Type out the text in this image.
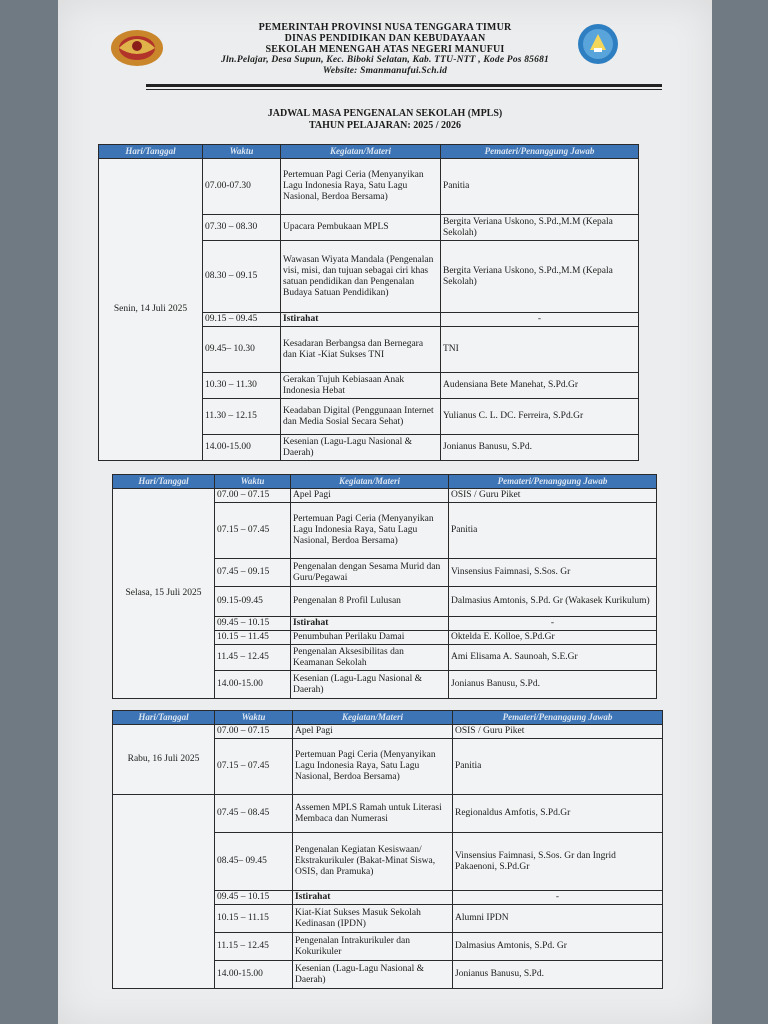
PEMERINTAH PROVINSI NUSA TENGGARA TIMUR
DINAS PENDIDIKAN DAN KEBUDAYAAN
SEKOLAH MENENGAH ATAS NEGERI MANUFUI
Jln.Pelajar, Desa Supun, Kec. Biboki Selatan, Kab. TTU-NTT , Kode Pos 85681
Website: Smanmanufui.Sch.id
JADWAL MASA PENGENALAN SEKOLAH (MPLS)
TAHUN PELAJARAN: 2025 / 2026
Hari/Tanggal	Waktu	Kegiatan/Materi	Pemateri/Penanggung Jawab
Senin, 14 Juli 2025	07.00-07.30	Pertemuan Pagi Ceria (Menyanyikan Lagu Indonesia Raya, Satu Lagu Nasional, Berdoa Bersama)	Panitia
	07.30 – 08.30	Upacara Pembukaan MPLS	Bergita Veriana Uskono, S.Pd.,M.M (Kepala Sekolah)
	08.30 – 09.15	Wawasan Wiyata Mandala (Pengenalan visi, misi, dan tujuan sebagai ciri khas satuan pendidikan dan Pengenalan Budaya Satuan Pendidikan)	Bergita Veriana Uskono, S.Pd.,M.M (Kepala Sekolah)
	09.15 – 09.45	Istirahat	-
	09.45– 10.30	Kesadaran Berbangsa dan Bernegara dan Kiat -Kiat Sukses TNI	TNI
	10.30 – 11.30	Gerakan Tujuh Kebiasaan Anak Indonesia Hebat	Audensiana Bete Manehat, S.Pd.Gr
	11.30 – 12.15	Keadaban Digital (Penggunaan Internet dan Media Sosial Secara Sehat)	Yulianus C. L. DC. Ferreira, S.Pd.Gr
	14.00-15.00	Kesenian (Lagu-Lagu Nasional & Daerah)	Jonianus Banusu, S.Pd.
Hari/Tanggal	Waktu	Kegiatan/Materi	Pemateri/Penanggung Jawab
Selasa, 15 Juli 2025	07.00 – 07.15	Apel Pagi	OSIS / Guru Piket
	07.15 – 07.45	Pertemuan Pagi Ceria (Menyanyikan Lagu Indonesia Raya, Satu Lagu Nasional, Berdoa Bersama)	Panitia
	07.45 – 09.15	Pengenalan dengan Sesama Murid dan Guru/Pegawai	Vinsensius Faimnasi, S.Sos. Gr
	09.15-09.45	Pengenalan 8 Profil Lulusan	Dalmasius Amtonis, S.Pd. Gr (Wakasek Kurikulum)
	09.45 – 10.15	Istirahat	-
	10.15 – 11.45	Penumbuhan Perilaku Damai	Oktelda E. Kolloe, S.Pd.Gr
	11.45 – 12.45	Pengenalan Aksesibilitas dan Keamanan Sekolah	Ami Elisama A. Saunoah, S.E.Gr
	14.00-15.00	Kesenian (Lagu-Lagu Nasional & Daerah)	Jonianus Banusu, S.Pd.
Hari/Tanggal	Waktu	Kegiatan/Materi	Pemateri/Penanggung Jawab
Rabu, 16 Juli 2025	07.00 – 07.15	Apel Pagi	OSIS / Guru Piket
	07.15 – 07.45	Pertemuan Pagi Ceria (Menyanyikan Lagu Indonesia Raya, Satu Lagu Nasional, Berdoa Bersama)	Panitia
	07.45 – 08.45	Assemen MPLS Ramah untuk Literasi Membaca dan Numerasi	Regionaldus Amfotis, S.Pd.Gr
	08.45– 09.45	Pengenalan Kegiatan Kesiswaan/ Ekstrakurikuler (Bakat-Minat Siswa, OSIS, dan Pramuka)	Vinsensius Faimnasi, S.Sos. Gr dan Ingrid Pakaenoni, S.Pd.Gr
	09.45 – 10.15	Istirahat	-
	10.15 – 11.15	Kiat-Kiat Sukses Masuk Sekolah Kedinasan (IPDN)	Alumni IPDN
	11.15 – 12.45	Pengenalan Intrakurikuler dan Kokurikuler	Dalmasius Amtonis, S.Pd. Gr
	14.00-15.00	Kesenian (Lagu-Lagu Nasional & Daerah)	Jonianus Banusu, S.Pd.
